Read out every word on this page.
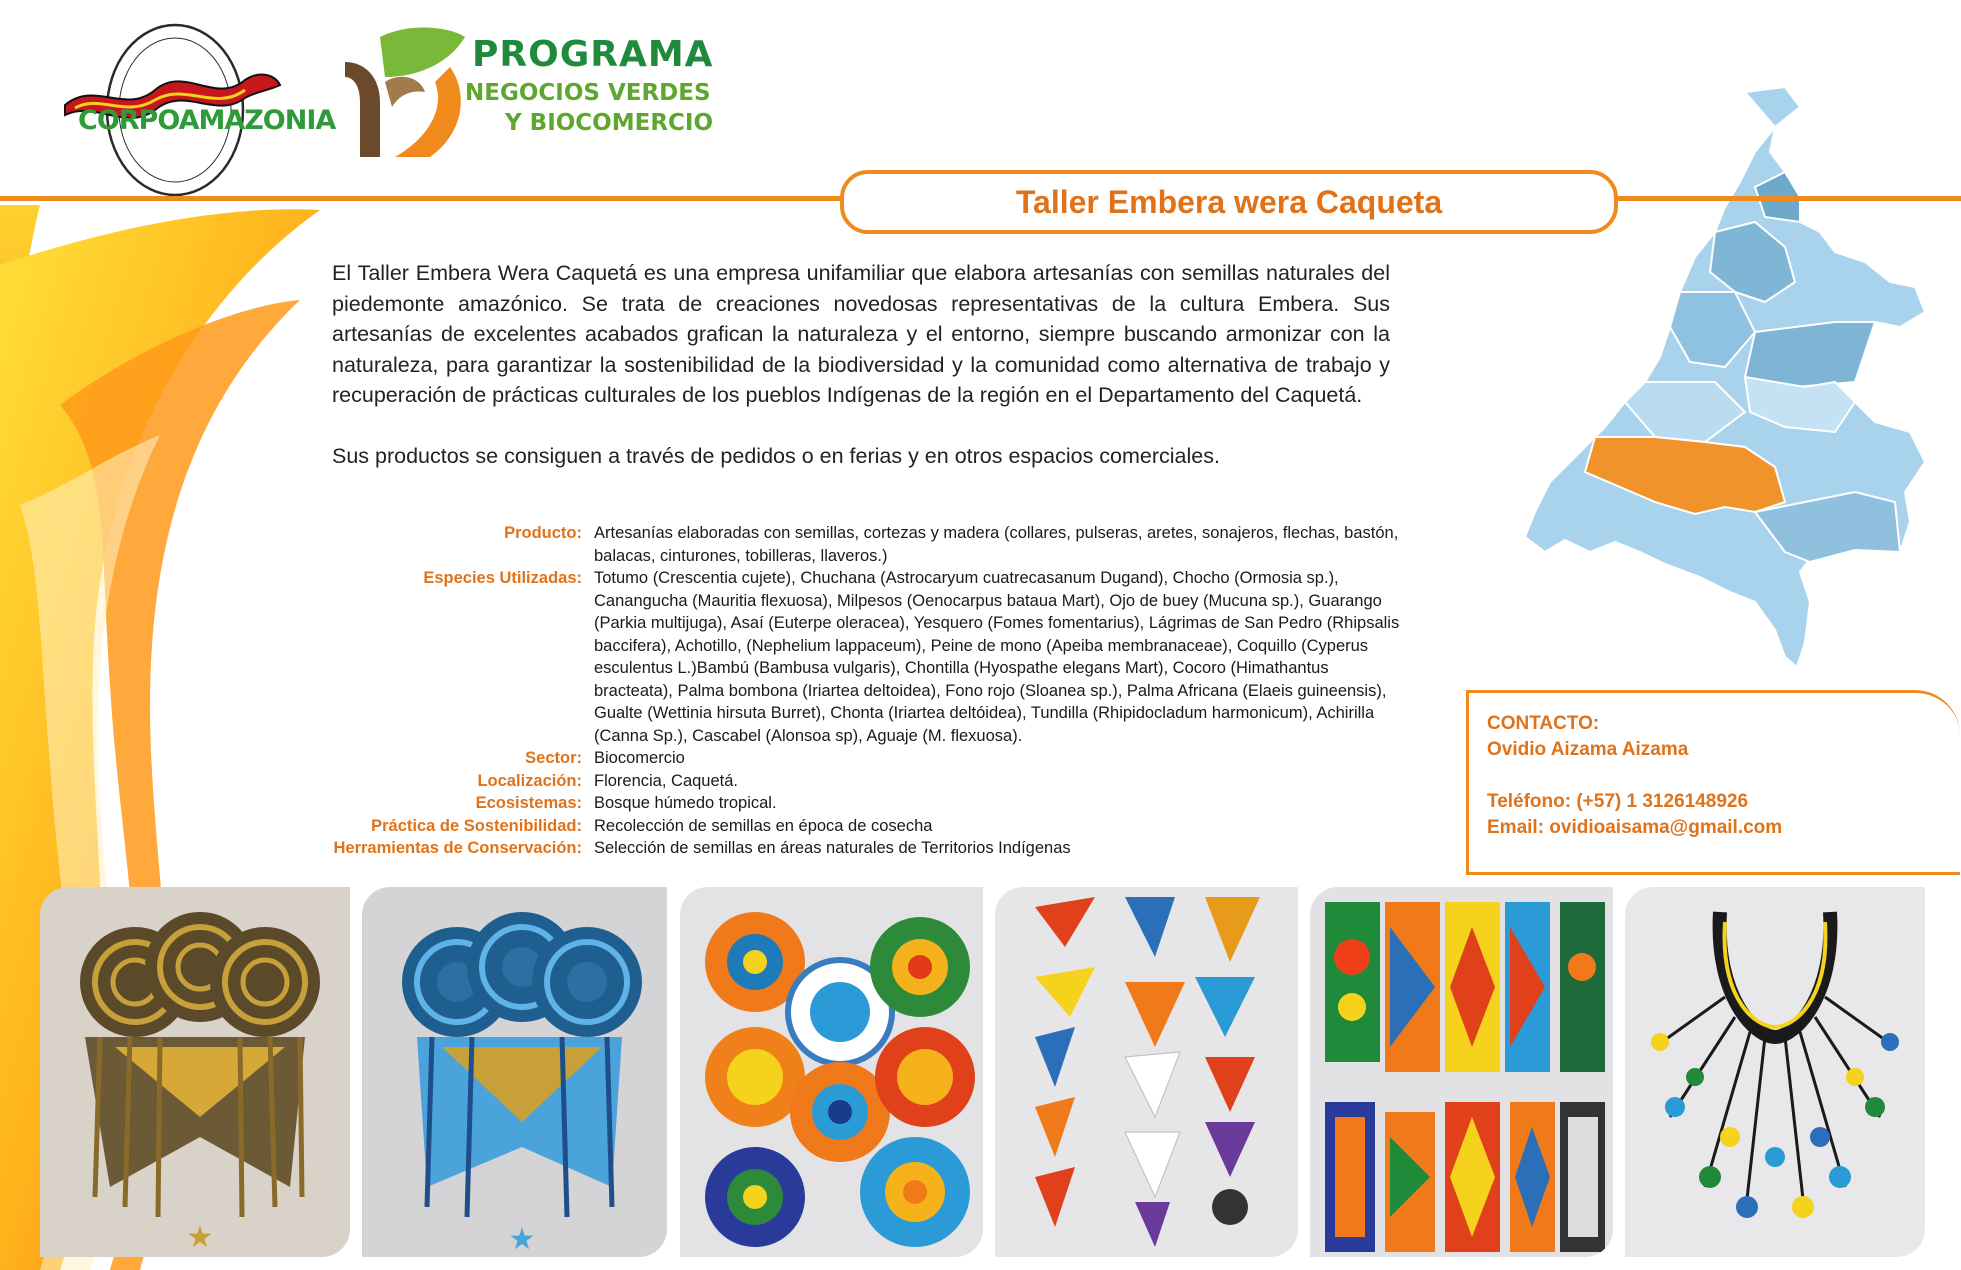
CORPOAMAZONIA
PROGRAMA
NEGOCIOS VERDES
Y BIOCOMERCIO
Taller Embera wera Caqueta

El Taller Embera Wera Caquetá es una empresa unifamiliar que elabora artesanías con semillas naturales del piedemonte amazónico. Se trata de creaciones novedosas representativas de la cultura Embera. Sus artesanías de excelentes acabados grafican la naturaleza y el entorno, siempre buscando armonizar con la naturaleza, para garantizar la sostenibilidad de la biodiversidad y la comunidad como alternativa de trabajo y recuperación de prácticas culturales de los pueblos Indígenas de la región en el Departamento del Caquetá.

Sus productos se consiguen a través de pedidos o en ferias y en otros espacios comerciales.

Producto: Artesanías elaboradas con semillas, cortezas y madera (collares, pulseras, aretes, sonajeros, flechas, bastón, balacas, cinturones, tobilleras, llaveros.)
Especies Utilizadas: Totumo (Crescentia cujete), Chuchana (Astrocaryum cuatrecasanum Dugand), Chocho (Ormosia sp.), Canangucha (Mauritia flexuosa), Milpesos (Oenocarpus bataua Mart), Ojo de buey (Mucuna sp.), Guarango (Parkia multijuga), Asaí (Euterpe oleracea), Yesquero (Fomes fomentarius), Lágrimas de San Pedro (Rhipsalis baccifera), Achotillo, (Nephelium lappaceum), Peine de mono (Apeiba membranaceae), Coquillo (Cyperus esculentus L.)Bambú (Bambusa vulgaris), Chontilla (Hyospathe elegans Mart), Cocoro (Himathantus bracteata), Palma bombona (Iriartea deltoidea), Fono rojo (Sloanea sp.), Palma Africana (Elaeis guineensis), Gualte (Wettinia hirsuta Burret), Chonta (Iriartea deltóidea), Tundilla (Rhipidocladum harmonicum), Achirilla (Canna Sp.), Cascabel (Alonsoa sp), Aguaje (M. flexuosa).
Sector: Biocomercio
Localización: Florencia, Caquetá.
Ecosistemas: Bosque húmedo tropical.
Práctica de Sostenibilidad: Recolección de semillas en época de cosecha
Herramientas de Conservación: Selección de semillas en áreas naturales de Territorios Indígenas
CONTACTO:
Ovidio Aizama Aizama
Teléfono: (+57) 1 3126148926
Email: ovidioaisama@gmail.com
★	★
